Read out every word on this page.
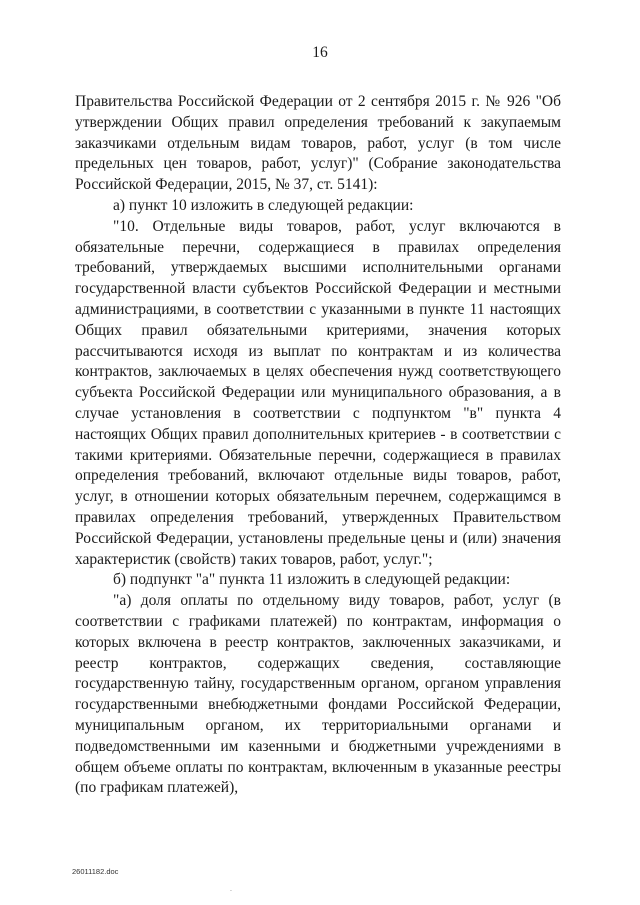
16

Правительства Российской Федерации от 2 сентября 2015 г. № 926 "Об утверждении Общих правил определения требований к закупаемым заказчиками отдельным видам товаров, работ, услуг (в том числе предельных цен товаров, работ, услуг)" (Собрание законодательства Российской Федерации, 2015, № 37, ст. 5141):

а) пункт 10 изложить в следующей редакции:

"10. Отдельные виды товаров, работ, услуг включаются в обязательные перечни, содержащиеся в правилах определения требований, утверждаемых высшими исполнительными органами государственной власти субъектов Российской Федерации и местными администрациями, в соответствии с указанными в пункте 11 настоящих Общих правил обязательными критериями, значения которых рассчитываются исходя из выплат по контрактам и из количества контрактов, заключаемых в целях обеспечения нужд соответствующего субъекта Российской Федерации или муниципального образования, а в случае установления в соответствии с подпунктом "в" пункта 4 настоящих Общих правил дополнительных критериев - в соответствии с такими критериями. Обязательные перечни, содержащиеся в правилах определения требований, включают отдельные виды товаров, работ, услуг, в отношении которых обязательным перечнем, содержащимся в правилах определения требований, утвержденных Правительством Российской Федерации, установлены предельные цены и (или) значения характеристик (свойств) таких товаров, работ, услуг.";

б) подпункт "а" пункта 11 изложить в следующей редакции:

"а) доля оплаты по отдельному виду товаров, работ, услуг (в соответствии с графиками платежей) по контрактам, информация о которых включена в реестр контрактов, заключенных заказчиками, и реестр контрактов, содержащих сведения, составляющие государственную тайну, государственным органом, органом управления государственными внебюджетными фондами Российской Федерации, муниципальным органом, их территориальными органами и подведомственными им казенными и бюджетными учреждениями в общем объеме оплаты по контрактам, включенным в указанные реестры (по графикам платежей),

26011182.doc
.
